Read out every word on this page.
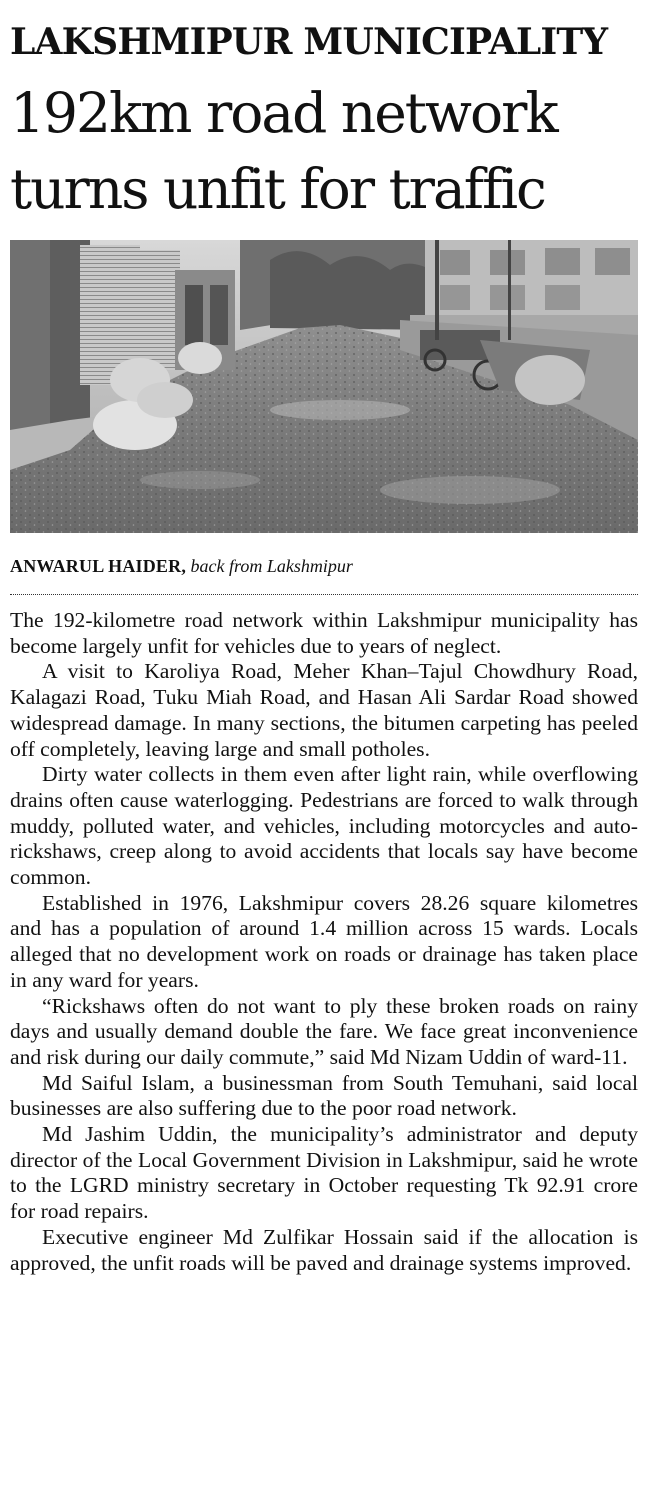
LAKSHMIPUR MUNICIPALITY
192km road network turns unfit for traffic
ANWARUL HAIDER, back from Lakshmipur

The 192-kilometre road network within Lakshmipur municipality has become largely unfit for vehicles due to years of neglect.

A visit to Karoliya Road, Meher Khan–Tajul Chowdhury Road, Kalagazi Road, Tuku Miah Road, and Hasan Ali Sardar Road showed widespread damage. In many sections, the bitumen carpeting has peeled off completely, leaving large and small potholes.

Dirty water collects in them even after light rain, while overflowing drains often cause waterlogging. Pedestrians are forced to walk through muddy, polluted water, and vehicles, including motorcycles and auto-rickshaws, creep along to avoid accidents that locals say have become common.

Established in 1976, Lakshmipur covers 28.26 square kilometres and has a population of around 1.4 million across 15 wards. Locals alleged that no development work on roads or drainage has taken place in any ward for years.

“Rickshaws often do not want to ply these broken roads on rainy days and usually demand double the fare. We face great inconvenience and risk during our daily commute,” said Md Nizam Uddin of ward-11.

Md Saiful Islam, a businessman from South Temuhani, said local businesses are also suffering due to the poor road network.

Md Jashim Uddin, the municipality’s administrator and deputy director of the Local Government Division in Lakshmipur, said he wrote to the LGRD ministry secretary in October requesting Tk 92.91 crore for road repairs.

Executive engineer Md Zulfikar Hossain said if the allocation is approved, the unfit roads will be paved and drainage systems improved.
